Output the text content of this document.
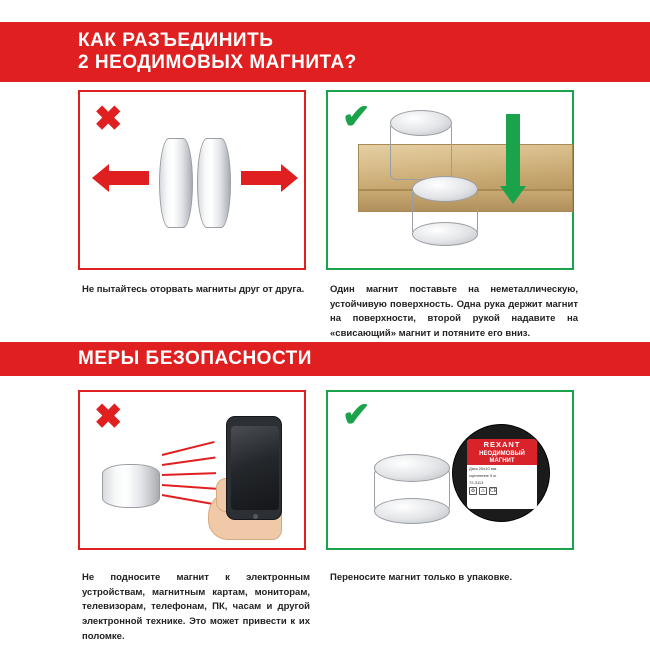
КАК РАЗЪЕДИНИТЬ
2 НЕОДИМОВЫХ МАГНИТА?
✖	✔
Не пытайтесь оторвать магниты друг от друга.	Один магнит поставьте на неметаллическую, устойчивую поверхность. Одна рука держит магнит на поверхности, второй рукой надавите на «свисающий» магнит и потяните его вниз.
МЕРЫ БЕЗОПАСНОСТИ
✖	✔
REXANT
НЕОДИМОВЫЙ МАГНИТ
Диск 20х10 мм
сцепление 9 кг
72-3113
♻	⚠ CE
Не подносите магнит к электронным устройствам, магнитным картам, мониторам, телевизорам, телефонам, ПК, часам и другой электронной технике. Это может привести к их поломке.
Переносите магнит только в упаковке.
